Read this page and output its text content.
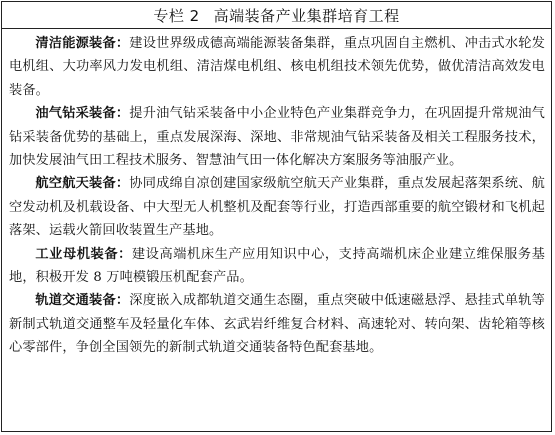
专栏 2 高端装备产业集群培育工程

清洁能源装备：建设世界级成德高端能源装备集群，重点巩固自主燃机、冲击式水轮发电机组、大功率风力发电机组、清洁煤电机组、核电机组技术领先优势，做优清洁高效发电装备。

油气钻采装备：提升油气钻采装备中小企业特色产业集群竞争力，在巩固提升常规油气钻采装备优势的基础上，重点发展深海、深地、非常规油气钻采装备及相关工程服务技术，加快发展油气田工程技术服务、智慧油气田一体化解决方案服务等油服产业。

航空航天装备：协同成绵自凉创建国家级航空航天产业集群，重点发展起落架系统、航空发动机及机载设备、中大型无人机整机及配套等行业，打造西部重要的航空锻材和飞机起落架、运载火箭回收装置生产基地。

工业母机装备：建设高端机床生产应用知识中心，支持高端机床企业建立维保服务基地，积极开发 8 万吨模锻压机配套产品。

轨道交通装备：深度嵌入成都轨道交通生态圈，重点突破中低速磁悬浮、悬挂式单轨等新制式轨道交通整车及轻量化车体、玄武岩纤维复合材料、高速轮对、转向架、齿轮箱等核心零部件，争创全国领先的新制式轨道交通装备特色配套基地。
